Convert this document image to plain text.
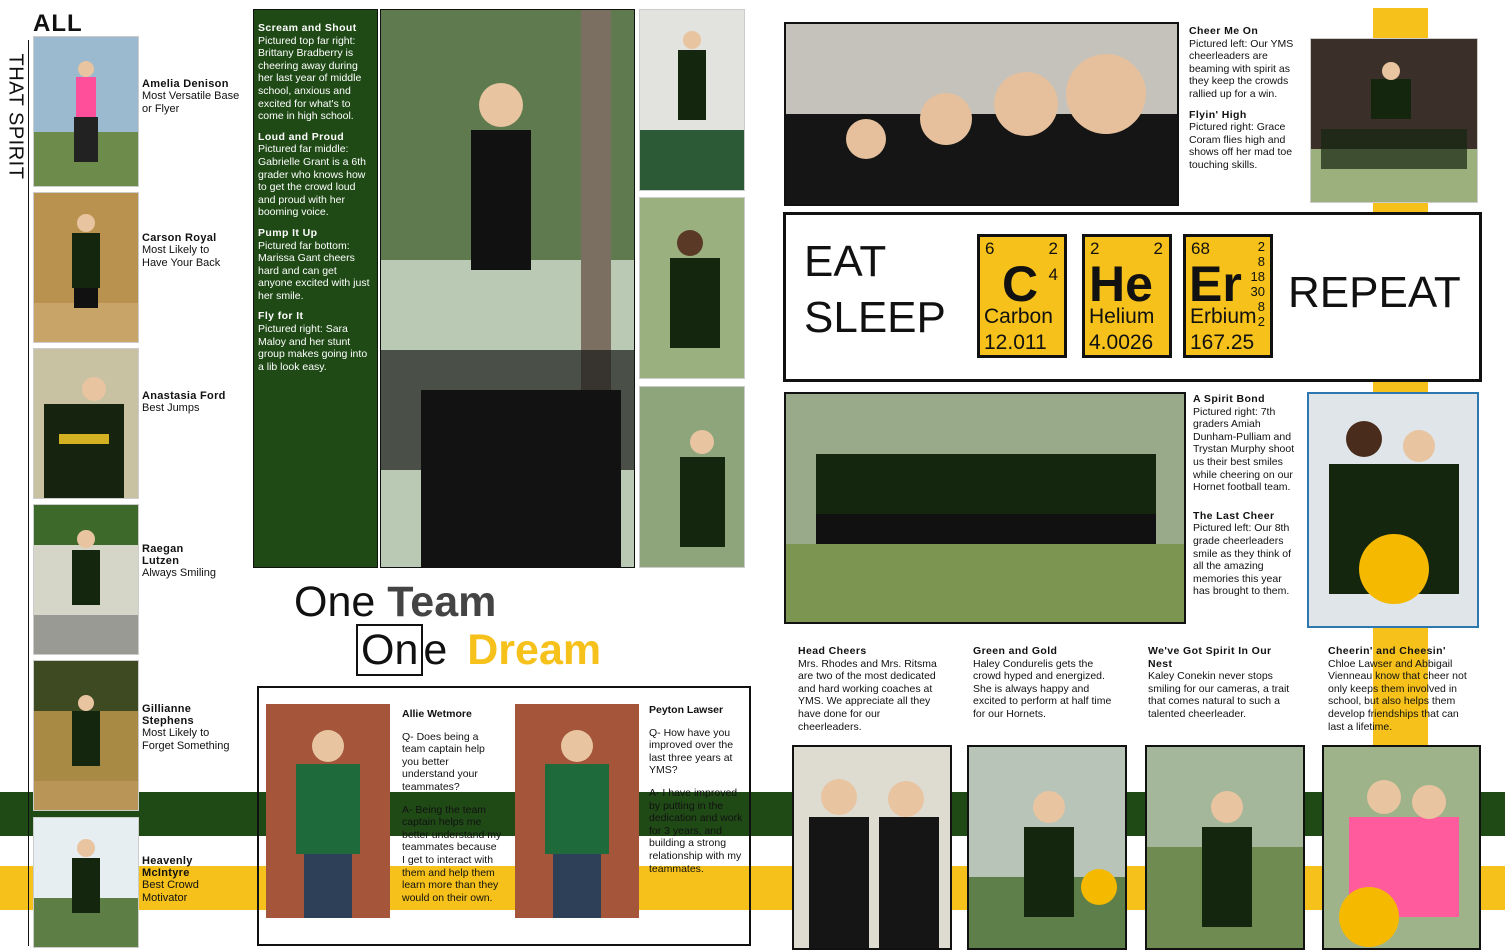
ALL
THAT SPIRIT	Amelia Denison
Most Versatile Base or Flyer
Carson Royal
Most Likely to Have Your Back
Anastasia Ford
Best Jumps
Raegan Lutzen
Always Smiling
Gillianne Stephens
Most Likely to Forget Something
Heavenly McIntyre
Best Crowd Motivator
Scream and Shout
Pictured top far right: Brittany Bradberry is cheering away during her last year of middle school, anxious and excited for what's to come in high school.
Loud and Proud
Pictured far middle: Gabrielle Grant is a 6th grader who knows how to get the crowd loud and proud with her booming voice.
Pump It Up
Pictured far bottom: Marissa Gant cheers hard and can get anyone excited with just her smile.
Fly for It
Pictured right: Sara Maloy and her stunt group makes going into a lib look easy.
One Team
On e Dream
Allie Wetmore
Q- Does being a team captain help you better understand your teammates?
A- Being the team captain helps me better understand my teammates because I get to interact with them and help them learn more than they would on their own.
Peyton Lawser
Q- How have you improved over the last three years at YMS?
A- I have improved by putting in the dedication and work for 3 years, and building a strong relationship with my teammates.

Cheer Me On
Pictured left: Our YMS cheerleaders are beaming with spirit as they keep the crowds rallied up for a win.

Flyin' High
Pictured right: Grace Coram flies high and shows off her mad toe touching skills.

EAT
SLEEP
6	2
4
C
Carbon
12.011
2	2
He
Helium
4.0026
68	2
8
18
30
8
2
Er
Erbium
167.25
REPEAT

A Spirit Bond
Pictured right: 7th graders Amiah Dunham-Pulliam and Trystan Murphy shoot us their best smiles while cheering on our Hornet football team.

The Last Cheer
Pictured left: Our 8th grade cheerleaders smile as they think of all the amazing memories this year has brought to them.

Head Cheers
Mrs. Rhodes and Mrs. Ritsma are two of the most dedicated and hard working coaches at YMS. We appreciate all they have done for our cheerleaders.
Green and Gold
Haley Condurelis gets the crowd hyped and energized. She is always happy and excited to perform at half time for our Hornets.
We've Got Spirit In Our Nest
Kaley Conekin never stops smiling for our cameras, a trait that comes natural to such a talented cheerleader.
Cheerin' and Cheesin'
Chloe Lawser and Abbigail Vienneau know that cheer not only keeps them involved in school, but also helps them develop friendships that can last a lifetime.
